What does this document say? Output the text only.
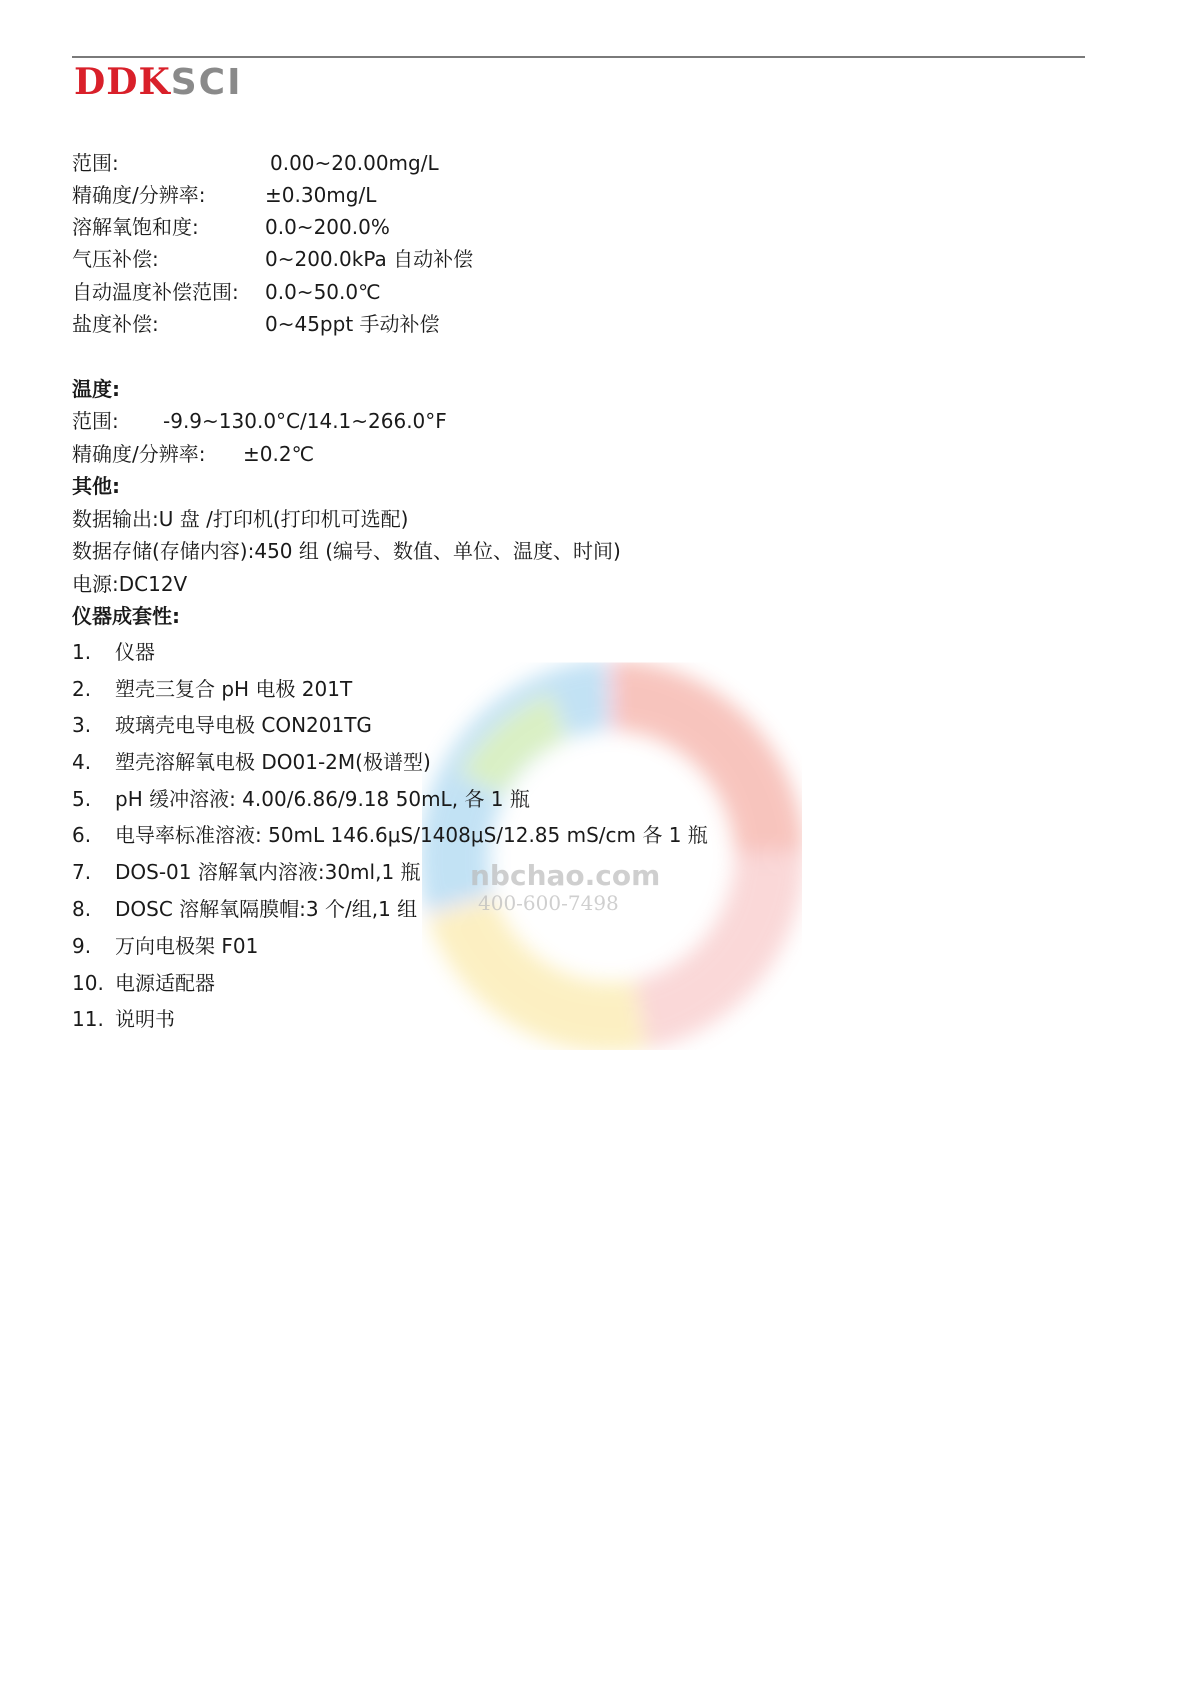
DDKSCI
nbchao.com
400-600-7498
范围:	0.00~20.00mg/L
精确度/分辨率:	±0.30mg/L
溶解氧饱和度:	0.0~200.0%
气压补偿:	0~200.0kPa 自动补偿
自动温度补偿范围: 0.0~50.0℃
盐度补偿:	0~45ppt 手动补偿
温度:
范围: -9.9~130.0°C/14.1~266.0°F
精确度/分辨率: ±0.2℃
其他:
数据输出:U 盘 /打印机(打印机可选配)
数据存储(存储内容):450 组 (编号、数值、单位、温度、时间)
电源:DC12V
仪器成套性:
1. 仪器
2. 塑壳三复合 pH 电极 201T
3. 玻璃壳电导电极 CON201TG
4. 塑壳溶解氧电极 DO01-2M(极谱型)
5. pH 缓冲溶液: 4.00/6.86/9.18 50mL, 各 1 瓶
6. 电导率标准溶液: 50mL 146.6μS/1408μS/12.85 mS/cm 各 1 瓶
7. DOS-01 溶解氧内溶液:30ml,1 瓶
8. DOSC 溶解氧隔膜帽:3 个/组,1 组
9. 万向电极架 F01
10. 电源适配器
11. 说明书
